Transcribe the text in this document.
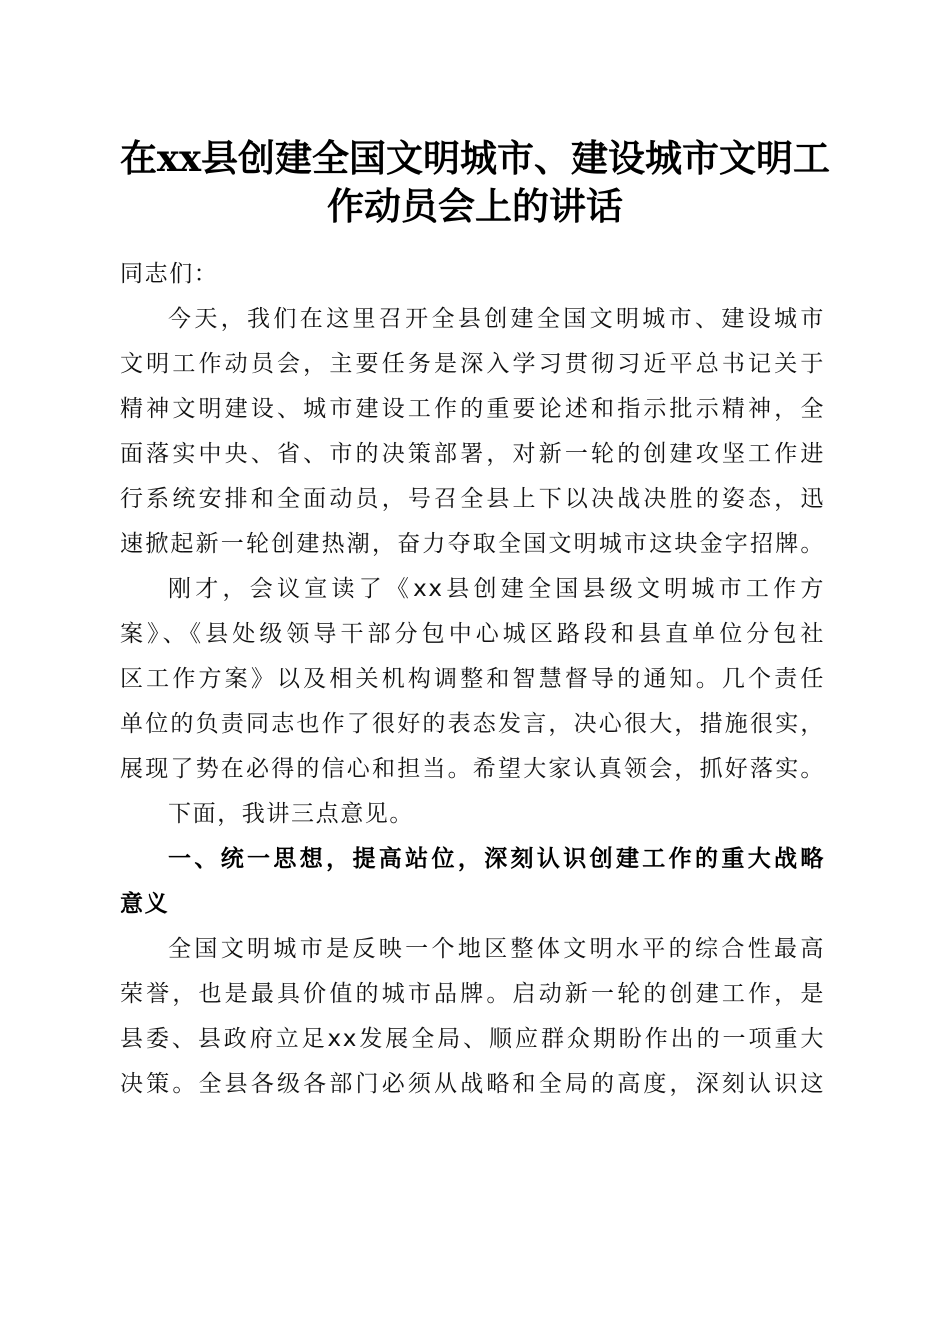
在xx县创建全国文明城市、建设城市文明工
作动员会上的讲话
同志们：
今天，我们在这里召开全县创建全国文明城市、建设城市
文明工作动员会，主要任务是深入学习贯彻习近平总书记关于
精神文明建设、城市建设工作的重要论述和指示批示精神，全
面落实中央、省、市的决策部署，对新一轮的创建攻坚工作进
行系统安排和全面动员，号召全县上下以决战决胜的姿态，迅
速掀起新一轮创建热潮，奋力夺取全国文明城市这块金字招牌。
刚才，会议宣读了《xx县创建全国县级文明城市工作方
案》、《县处级领导干部分包中心城区路段和县直单位分包社
区工作方案》以及相关机构调整和智慧督导的通知。几个责任
单位的负责同志也作了很好的表态发言，决心很大，措施很实，
展现了势在必得的信心和担当。希望大家认真领会，抓好落实。
下面，我讲三点意见。
一、统一思想，提高站位，深刻认识创建工作的重大战略
意义
全国文明城市是反映一个地区整体文明水平的综合性最高
荣誉，也是最具价值的城市品牌。启动新一轮的创建工作，是
县委、县政府立足xx发展全局、顺应群众期盼作出的一项重大
决策。全县各级各部门必须从战略和全局的高度，深刻认识这
